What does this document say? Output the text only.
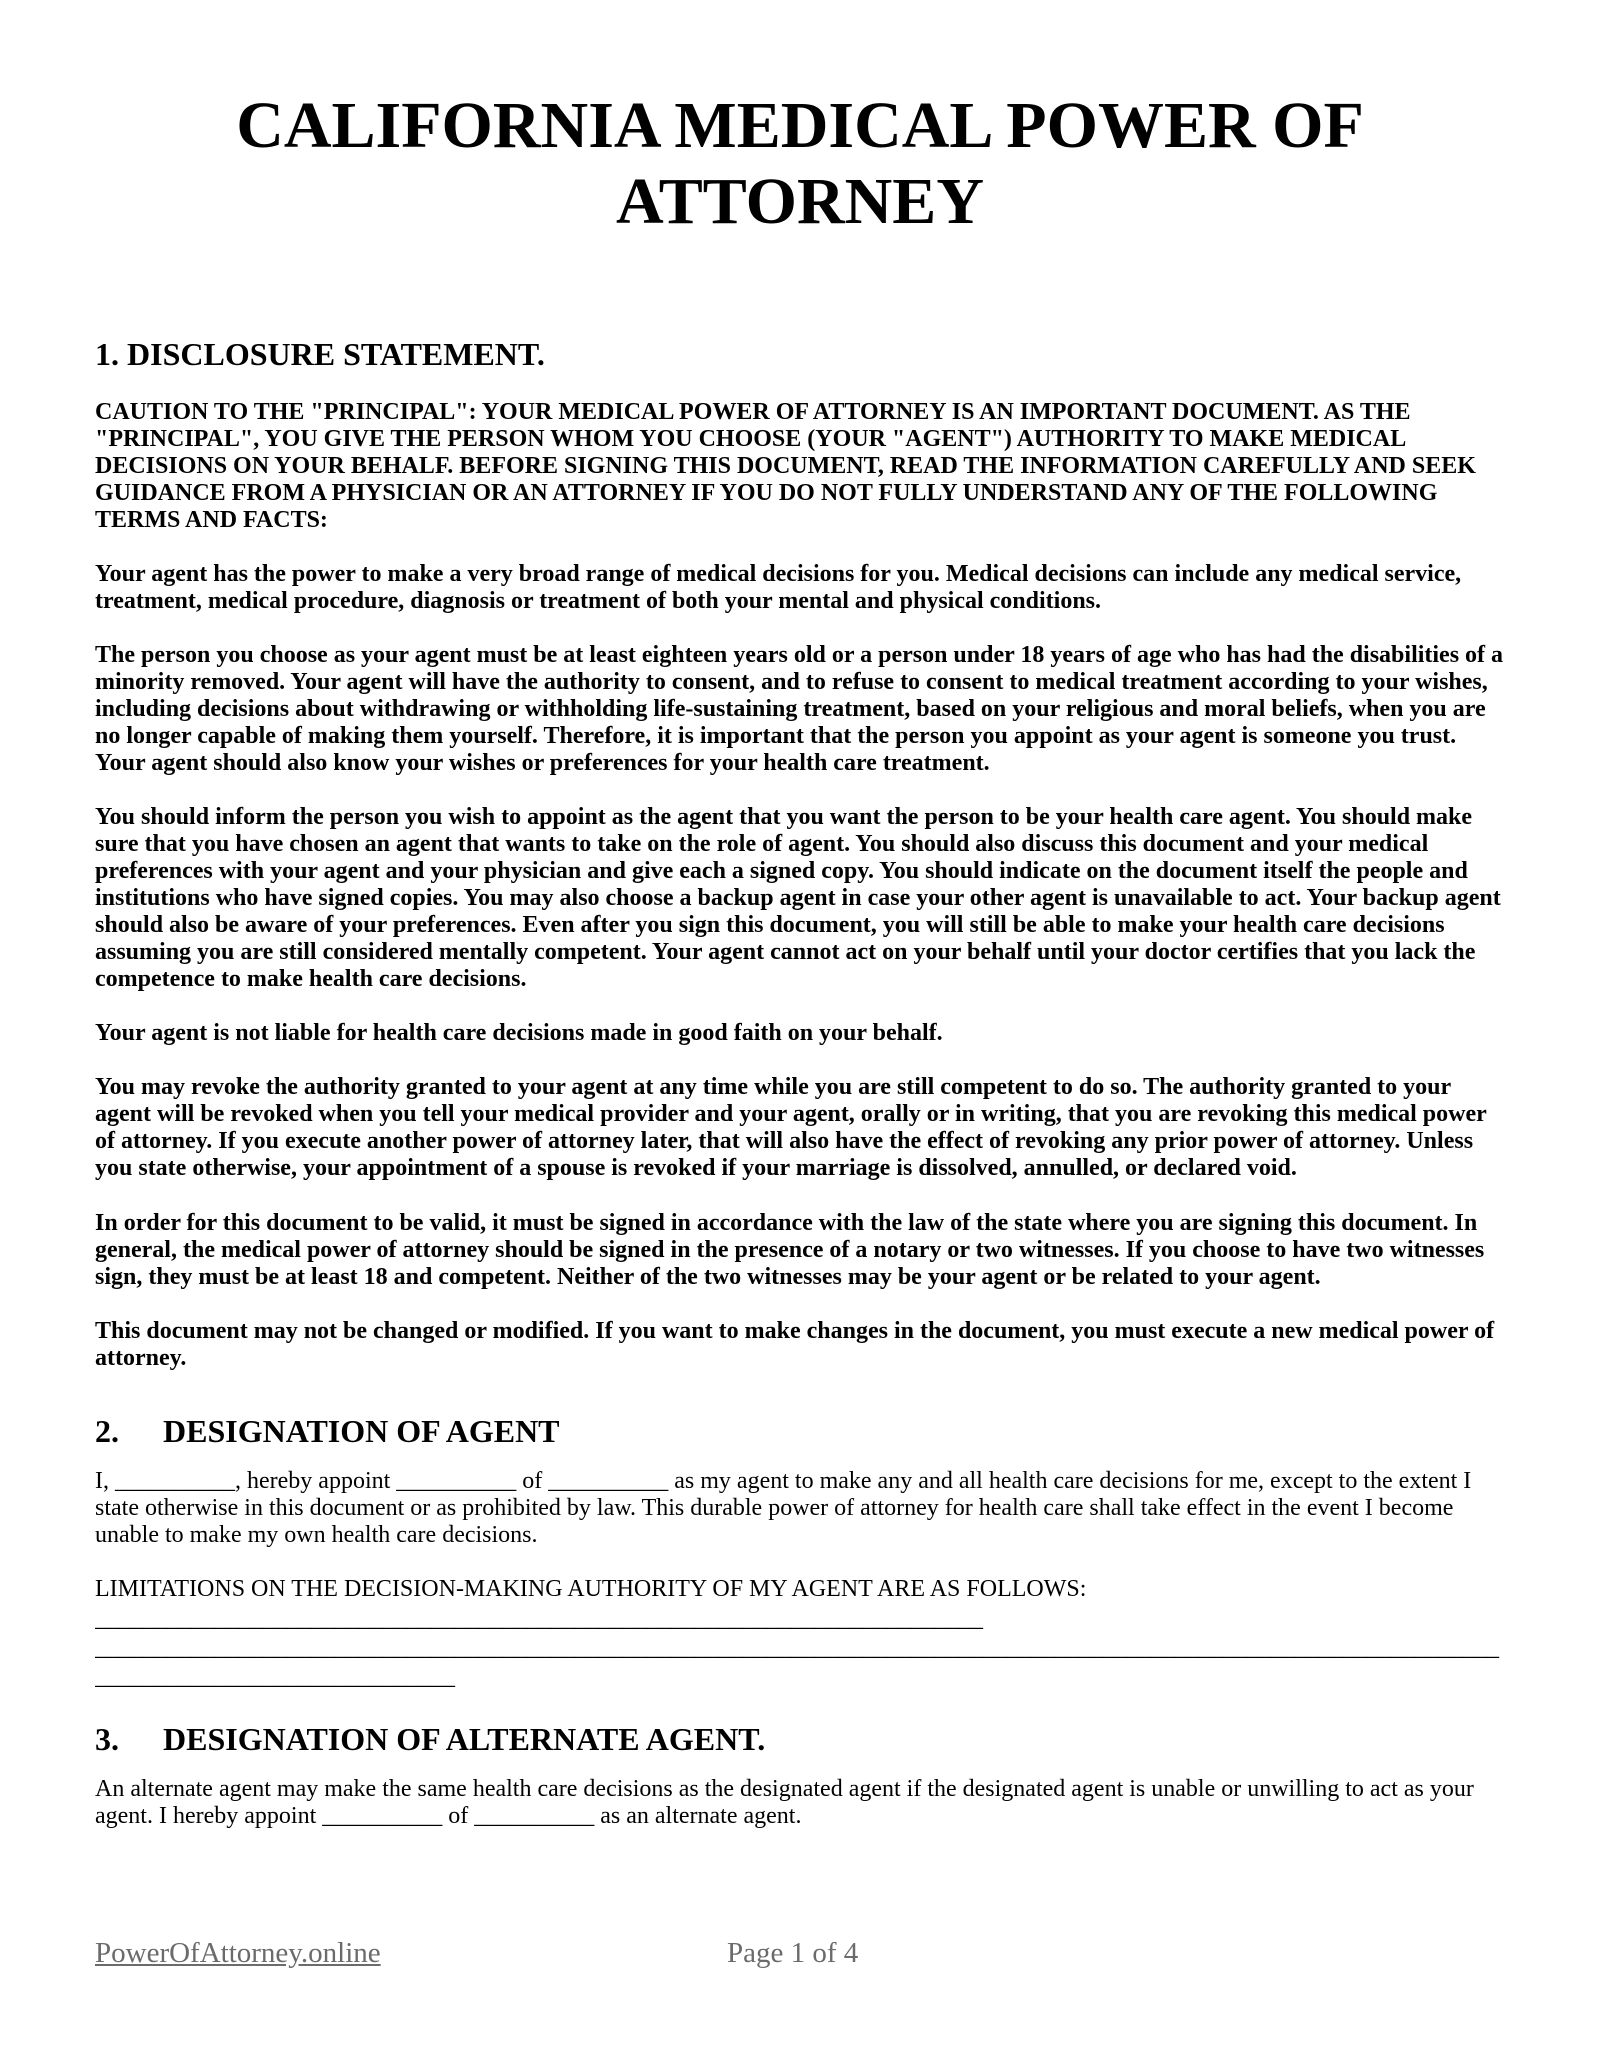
CALIFORNIA MEDICAL POWER OF ATTORNEY
1. DISCLOSURE STATEMENT.

CAUTION TO THE "PRINCIPAL": YOUR MEDICAL POWER OF ATTORNEY IS AN IMPORTANT DOCUMENT. AS THE "PRINCIPAL", YOU GIVE THE PERSON WHOM YOU CHOOSE (YOUR "AGENT") AUTHORITY TO MAKE MEDICAL DECISIONS ON YOUR BEHALF. BEFORE SIGNING THIS DOCUMENT, READ THE INFORMATION CAREFULLY AND SEEK GUIDANCE FROM A PHYSICIAN OR AN ATTORNEY IF YOU DO NOT FULLY UNDERSTAND ANY OF THE FOLLOWING TERMS AND FACTS:

Your agent has the power to make a very broad range of medical decisions for you. Medical decisions can include any medical service, treatment, medical procedure, diagnosis or treatment of both your mental and physical conditions.

The person you choose as your agent must be at least eighteen years old or a person under 18 years of age who has had the disabilities of a minority removed. Your agent will have the authority to consent, and to refuse to consent to medical treatment according to your wishes, including decisions about withdrawing or withholding life-sustaining treatment, based on your religious and moral beliefs, when you are no longer capable of making them yourself. Therefore, it is important that the person you appoint as your agent is someone you trust. Your agent should also know your wishes or preferences for your health care treatment.

You should inform the person you wish to appoint as the agent that you want the person to be your health care agent. You should make sure that you have chosen an agent that wants to take on the role of agent. You should also discuss this document and your medical preferences with your agent and your physician and give each a signed copy. You should indicate on the document itself the people and institutions who have signed copies. You may also choose a backup agent in case your other agent is unavailable to act. Your backup agent should also be aware of your preferences. Even after you sign this document, you will still be able to make your health care decisions assuming you are still considered mentally competent. Your agent cannot act on your behalf until your doctor certifies that you lack the competence to make health care decisions.

Your agent is not liable for health care decisions made in good faith on your behalf.

You may revoke the authority granted to your agent at any time while you are still competent to do so. The authority granted to your agent will be revoked when you tell your medical provider and your agent, orally or in writing, that you are revoking this medical power of attorney. If you execute another power of attorney later, that will also have the effect of revoking any prior power of attorney. Unless you state otherwise, your appointment of a spouse is revoked if your marriage is dissolved, annulled, or declared void.

In order for this document to be valid, it must be signed in accordance with the law of the state where you are signing this document. In general, the medical power of attorney should be signed in the presence of a notary or two witnesses. If you choose to have two witnesses sign, they must be at least 18 and competent. Neither of the two witnesses may be your agent or be related to your agent.

This document may not be changed or modified. If you want to make changes in the document, you must execute a new medical power of attorney.

2. DESIGNATION OF AGENT

I, __________, hereby appoint __________ of __________ as my agent to make any and all health care decisions for me, except to the extent I state otherwise in this document or as prohibited by law. This durable power of attorney for health care shall take effect in the event I become unable to make my own health care decisions.

LIMITATIONS ON THE DECISION-MAKING AUTHORITY OF MY AGENT ARE AS FOLLOWS:

__________________________________________________________________________
_____________________________________________________________________________________________________________________
______________________________
3. DESIGNATION OF ALTERNATE AGENT.

An alternate agent may make the same health care decisions as the designated agent if the designated agent is unable or unwilling to act as your agent. I hereby appoint __________ of __________ as an alternate agent.

PowerOfAttorney.online	Page 1 of 4
